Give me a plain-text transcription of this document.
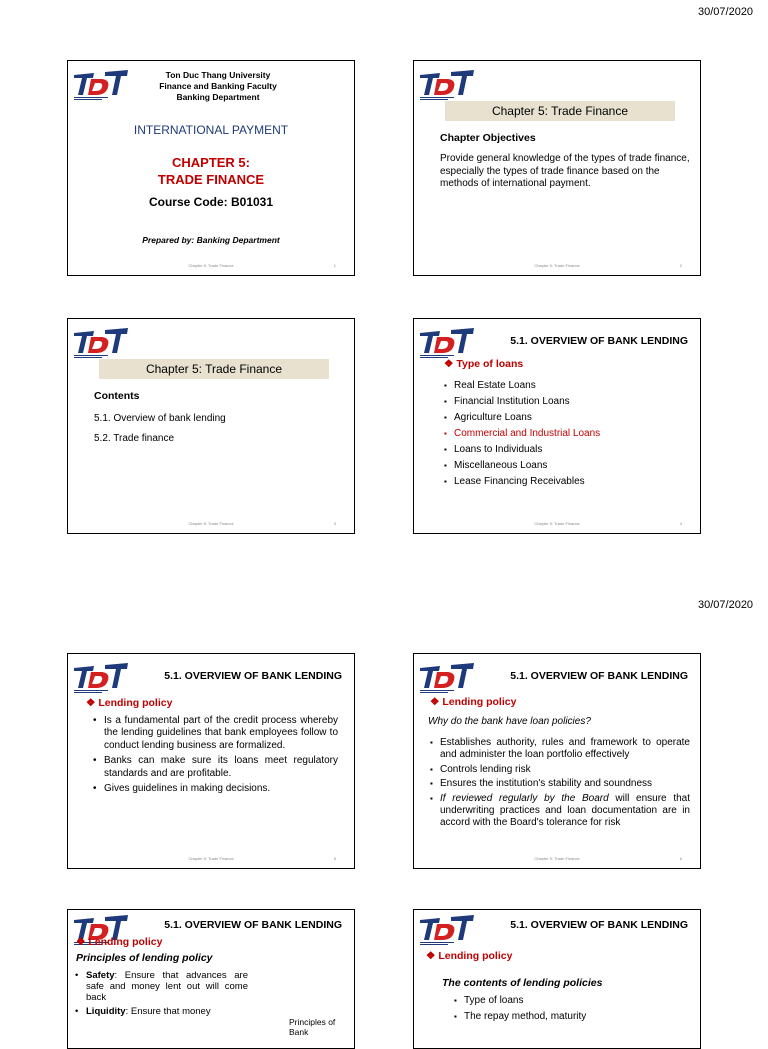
30/07/2020
30/07/2020
Ton Duc Thang University
Finance and Banking Faculty
Banking Department
INTERNATIONAL PAYMENT
CHAPTER 5:
TRADE FINANCE
Course Code: B01031
Prepared by: Banking Department
Chapter 5: Trade Finance	1
Chapter 5: Trade Finance
Chapter Objectives
Provide general knowledge of the types of trade finance, especially the types of trade finance based on the methods of international payment.
Chapter 5: Trade Finance	2
Chapter 5: Trade Finance
Contents
5.1. Overview of bank lending
5.2. Trade finance
Chapter 5: Trade Finance	3
5.1. OVERVIEW OF BANK LENDING
❖ Type of loans
▪ Real Estate Loans
▪ Financial Institution Loans
▪ Agriculture Loans
▪ Commercial and Industrial Loans
▪ Loans to Individuals
▪ Miscellaneous Loans
▪ Lease Financing Receivables
Chapter 5: Trade Finance	4
5.1. OVERVIEW OF BANK LENDING
❖ Lending policy
• Is a fundamental part of the credit process whereby the lending guidelines that bank employees follow to conduct lending business are formalized.
• Banks can make sure its loans meet regulatory standards and are profitable.
• Gives guidelines in making decisions.
Chapter 5: Trade Finance	5
5.1. OVERVIEW OF BANK LENDING
❖ Lending policy
Why do the bank have loan policies?
▪ Establishes authority, rules and framework to operate and administer the loan portfolio effectively
▪ Controls lending risk
▪ Ensures the institution's stability and soundness
▪ If reviewed regularly by the Board will ensure that underwriting practices and loan documentation are in accord with the Board's tolerance for risk
Chapter 5: Trade Finance	6
5.1. OVERVIEW OF BANK LENDING
❖ Lending policy
Principles of lending policy
• Safety: Ensure that advances are safe and money lent out will come back
• Liquidity: Ensure that money
Principles of Bank
5.1. OVERVIEW OF BANK LENDING
❖ Lending policy
The contents of lending policies
▪ Type of loans
▪ The repay method, maturity
